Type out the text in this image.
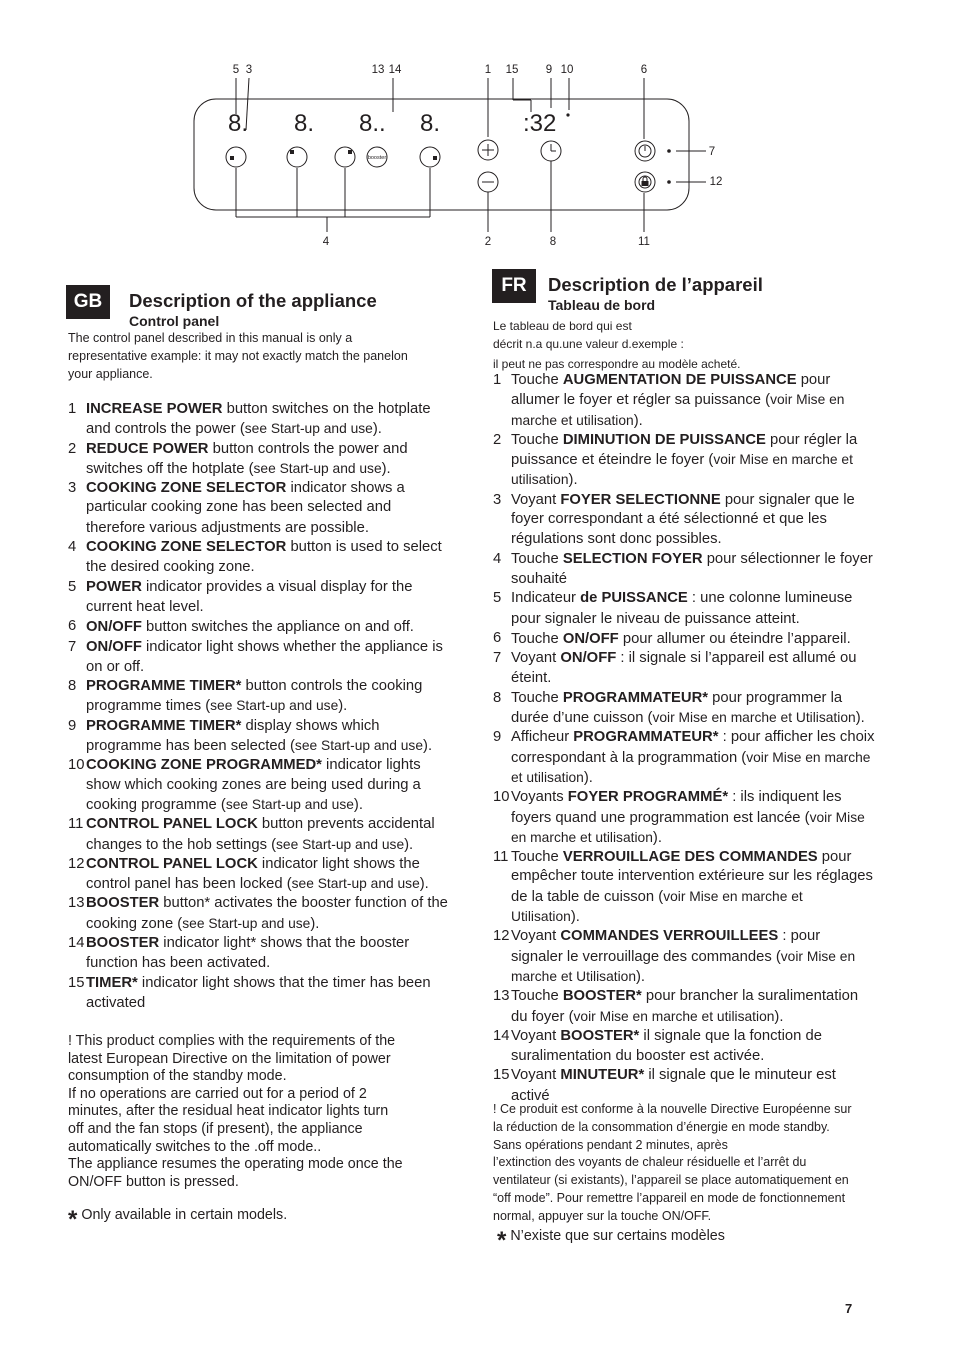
8. 8. 8.. 8.	:32
booster
5 3	13 14	1 15 9 10	6
7
12
4	2	8	11
GB	Description of the appliance
Control panel

The control panel described in this manual is only a

representative example: it may not exactly match the panelon

your appliance.

1 INCREASE POWER button switches on the hotplate and controls the power (see Start-up and use).
2 REDUCE POWER button controls the power and switches off the hotplate (see Start-up and use).
3 COOKING ZONE SELECTOR indicator shows a particular cooking zone has been selected and therefore various adjustments are possible.
4 COOKING ZONE SELECTOR button is used to select the desired cooking zone.
5 POWER indicator provides a visual display for the current heat level.
6 ON/OFF button switches the appliance on and off.
7 ON/OFF indicator light shows whether the appliance is on or off.
8 PROGRAMME TIMER* button controls the cooking programme times (see Start-up and use).
9 PROGRAMME TIMER* display shows which programme has been selected (see Start-up and use).
10 COOKING ZONE PROGRAMMED* indicator lights show which cooking zones are being used during a cooking programme (see Start-up and use).
11 CONTROL PANEL LOCK button prevents accidental changes to the hob settings (see Start-up and use).
12 CONTROL PANEL LOCK indicator light shows the control panel has been locked (see Start-up and use).
13 BOOSTER button* activates the booster function of the cooking zone (see Start-up and use).
14 BOOSTER indicator light* shows that the booster function has been activated.
15 TIMER* indicator light shows that the timer has been activated

! This product complies with the requirements of the

latest European Directive on the limitation of power

consumption of the standby mode.

If no operations are carried out for a period of 2

minutes, after the residual heat indicator lights turn

off and the fan stops (if present), the appliance

automatically switches to the .off mode..

The appliance resumes the operating mode once the

ON/OFF button is pressed.

* Only available in certain models.
FR	Description de l’appareil
Tableau de bord

Le tableau de bord qui est

décrit n.a qu.une valeur d.exemple :

il peut ne pas correspondre au modèle acheté.

1 Touche AUGMENTATION DE PUISSANCE pour allumer le foyer et régler sa puissance (voir Mise en marche et utilisation).
2 Touche DIMINUTION DE PUISSANCE pour régler la puissance et éteindre le foyer (voir Mise en marche et utilisation).
3 Voyant FOYER SELECTIONNE pour signaler que le foyer correspondant a été sélectionné et que les régulations sont donc possibles.
4 Touche SELECTION FOYER pour sélectionner le foyer souhaité
5 Indicateur de PUISSANCE : une colonne lumineuse pour signaler le niveau de puissance atteint.
6 Touche ON/OFF pour allumer ou éteindre l’appareil.
7 Voyant ON/OFF : il signale si l’appareil est allumé ou éteint.
8 Touche PROGRAMMATEUR* pour programmer la durée d’une cuisson (voir Mise en marche et Utilisation).
9 Afficheur PROGRAMMATEUR* : pour afficher les choix correspondant à la programmation (voir Mise en marche et utilisation).
10 Voyants FOYER PROGRAMMÉ* : ils indiquent les foyers quand une programmation est lancée (voir Mise en marche et utilisation).
11 Touche VERROUILLAGE DES COMMANDES pour empêcher toute intervention extérieure sur les réglages de la table de cuisson (voir Mise en marche et Utilisation).
12 Voyant COMMANDES VERROUILLEES : pour signaler le verrouillage des commandes (voir Mise en marche et Utilisation).
13 Touche BOOSTER* pour brancher la suralimentation du foyer (voir Mise en marche et utilisation).
14 Voyant BOOSTER* il signale que la fonction de suralimentation du booster est activée.
15 Voyant MINUTEUR* il signale que le minuteur est activé

! Ce produit est conforme à la nouvelle Directive Européenne sur

la réduction de la consommation d’énergie en mode standby.

Sans opérations pendant 2 minutes, après

l’extinction des voyants de chaleur résiduelle et l’arrêt du

ventilateur (si existants), l’appareil se place automatiquement en

“off mode”. Pour remettre l’appareil en mode de fonctionnement

normal, appuyer sur la touche ON/OFF.

* N’existe que sur certains modèles
7
